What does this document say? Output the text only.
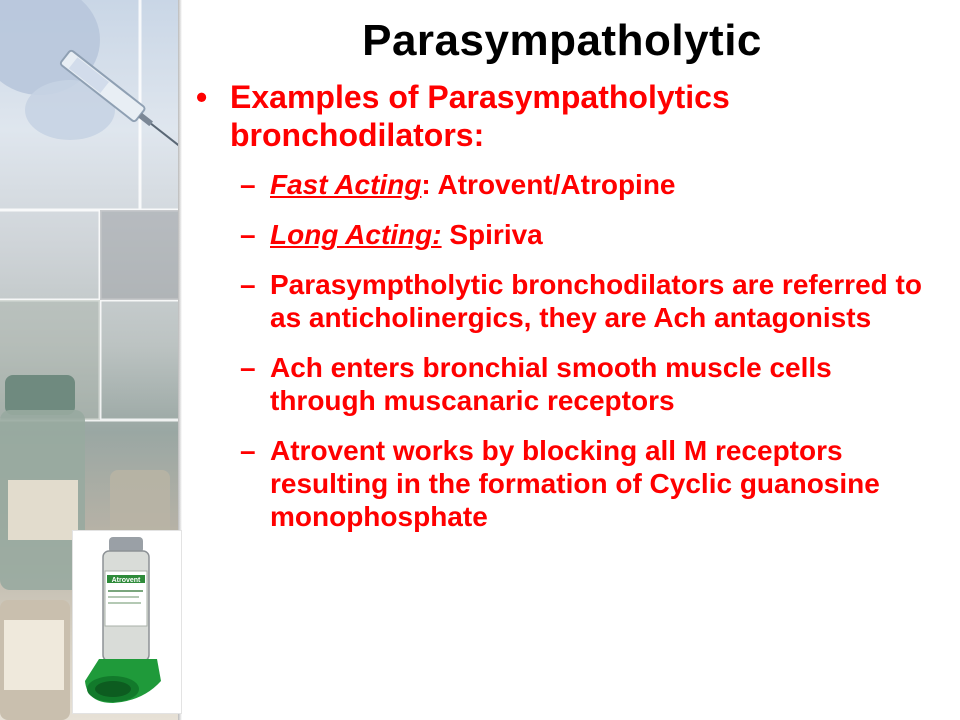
Atrovent
Parasympatholytic
• Examples of Parasympatholytics bronchodilators:
– Fast Acting: Atrovent/Atropine
– Long Acting: Spiriva
– Parasymptholytic bronchodilators are referred to as anticholinergics, they are Ach antagonists
– Ach enters bronchial smooth muscle cells through muscanaric receptors
– Atrovent works by blocking all M receptors resulting in the formation of Cyclic guanosine monophosphate
